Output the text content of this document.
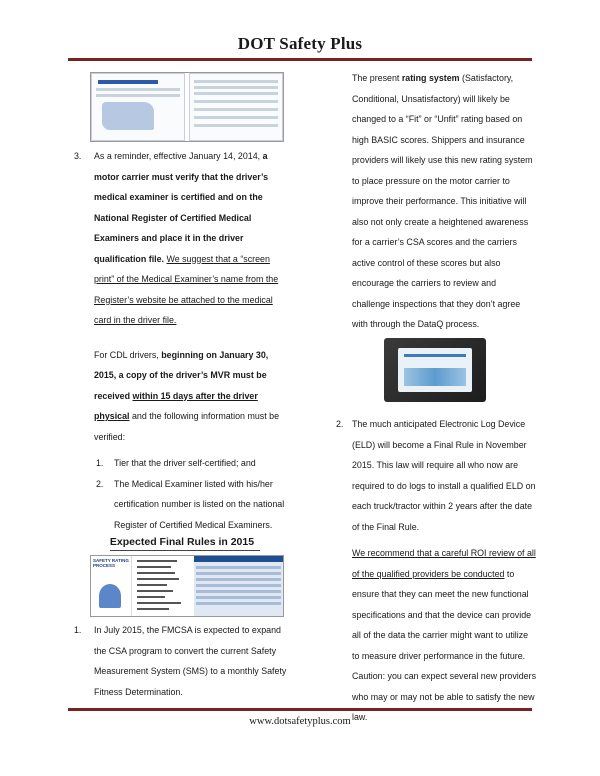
DOT Safety Plus
3. As a reminder, effective January 14, 2014, a motor carrier must verify that the driver’s medical examiner is certified and on the National Register of Certified Medical Examiners and place it in the driver qualification file. We suggest that a “screen print” of the Medical Examiner’s name from the Register’s website be attached to the medical card in the driver file.

For CDL drivers, beginning on January 30, 2015, a copy of the driver’s MVR must be received within 15 days after the driver physical and the following information must be verified:

1. Tier that the driver self-certified; and

2. The Medical Examiner listed with his/her certification number is listed on the national Register of Certified Medical Examiners.

Expected Final Rules in 2015
SAFETY RATING PROCESS
1. In July 2015, the FMCSA is expected to expand the CSA program to convert the current Safety Measurement System (SMS) to a monthly Safety Fitness Determination.

The present rating system (Satisfactory, Conditional, Unsatisfactory) will likely be changed to a “Fit” or “Unfit” rating based on high BASIC scores. Shippers and insurance providers will likely use this new rating system to place pressure on the motor carrier to improve their performance. This initiative will also not only create a heightened awareness for a carrier’s CSA scores and the carriers active control of these scores but also encourage the carriers to review and challenge inspections that they don’t agree with through the DataQ process.

2. The much anticipated Electronic Log Device (ELD) will become a Final Rule in November 2015. This law will require all who now are required to do logs to install a qualified ELD on each truck/tractor within 2 years after the date of the Final Rule.

We recommend that a careful ROI review of all of the qualified providers be conducted to ensure that they can meet the new functional specifications and that the device can provide all of the data the carrier might want to utilize to measure driver performance in the future. Caution: you can expect several new providers who may or may not be able to satisfy the new law.

www.dotsafetyplus.com
